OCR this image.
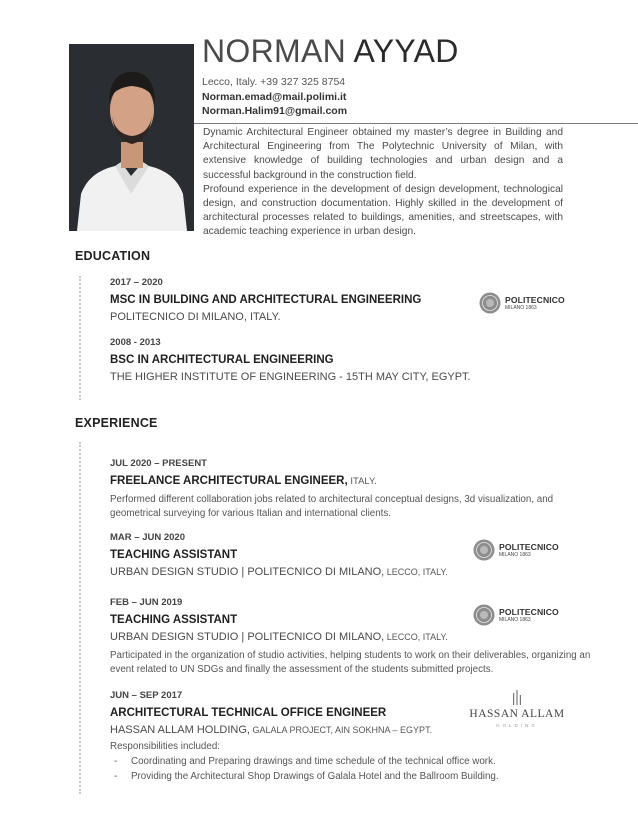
NORMAN AYYAD
Lecco, Italy. +39 327 325 8754
Norman.emad@mail.polimi.it
Norman.Halim91@gmail.com

Dynamic Architectural Engineer obtained my master’s degree in Building and Architectural Engineering from The Polytechnic University of Milan, with extensive knowledge of building technologies and urban design and a successful background in the construction field.

Profound experience in the development of design development, technological design, and construction documentation. Highly skilled in the development of architectural processes related to buildings, amenities, and streetscapes, with academic teaching experience in urban design.

EDUCATION
2017 – 2020
MSC IN BUILDING AND ARCHITECTURAL ENGINEERING
POLITECNICO DI MILANO, ITALY.
POLITECNICO
MILANO 1863
2008 - 2013
BSC IN ARCHITECTURAL ENGINEERING
THE HIGHER INSTITUTE OF ENGINEERING - 15TH MAY CITY, EGYPT.
EXPERIENCE
JUL 2020 – PRESENT
FREELANCE ARCHITECTURAL ENGINEER, ITALY.
Performed different collaboration jobs related to architectural conceptual designs, 3d visualization, and geometrical surveying for various Italian and international clients.
MAR – JUN 2020
TEACHING ASSISTANT
URBAN DESIGN STUDIO | POLITECNICO DI MILANO, LECCO, ITALY.
POLITECNICO
MILANO 1863
FEB – JUN 2019
TEACHING ASSISTANT
URBAN DESIGN STUDIO | POLITECNICO DI MILANO, LECCO, ITALY.
Participated in the organization of studio activities, helping students to work on their deliverables, organizing an event related to UN SDGs and finally the assessment of the students submitted projects.
POLITECNICO
MILANO 1863
JUN – SEP 2017
ARCHITECTURAL TECHNICAL OFFICE ENGINEER
HASSAN ALLAM HOLDING, GALALA PROJECT, AIN SOKHNA – EGYPT.
Responsibilities included:
- Coordinating and Preparing drawings and time schedule of the technical office work.
- Providing the Architectural Shop Drawings of Galala Hotel and the Ballroom Building.
HASSAN ALLAM
HOLDING
